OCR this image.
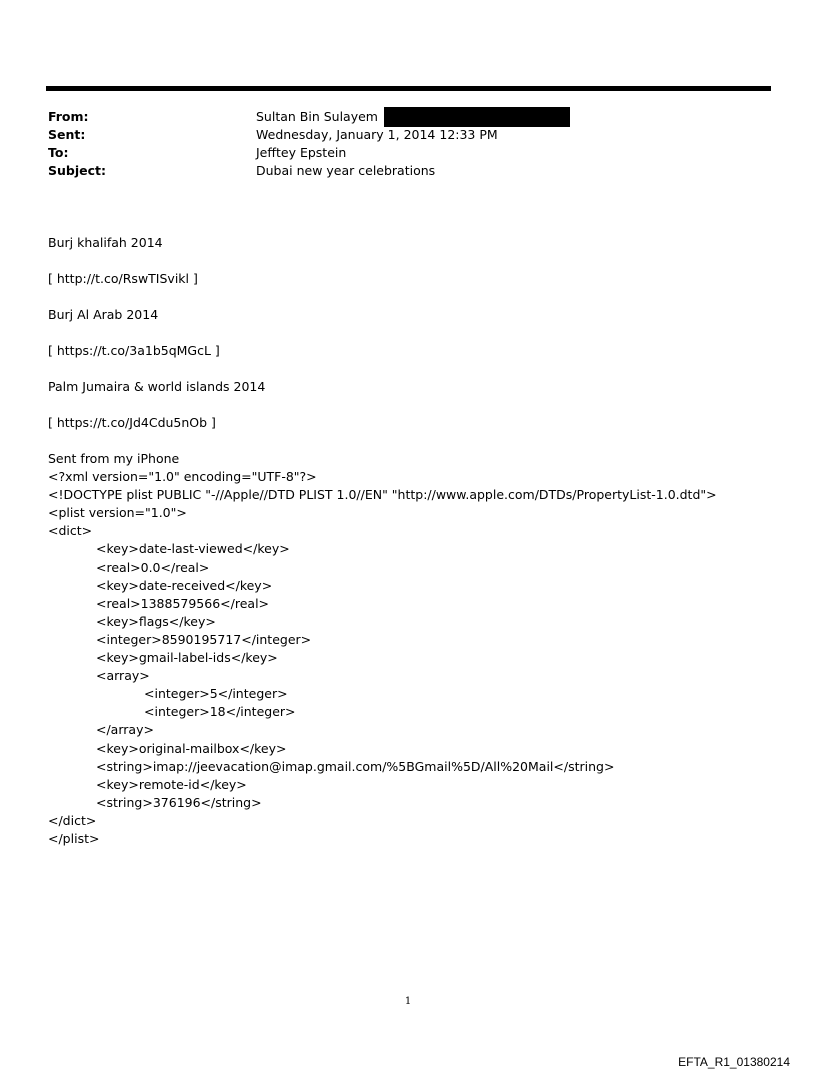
From:	Sultan Bin Sulayem
Sent:	Wednesday, January 1, 2014 12:33 PM
To:	Jefftey Epstein
Subject:	Dubai new year celebrations
Burj khalifah 2014
[ http://t.co/RswTISvikl ]
Burj Al Arab 2014
[ https://t.co/3a1b5qMGcL ]
Palm Jumaira & world islands 2014
[ https://t.co/Jd4Cdu5nOb ]
Sent from my iPhone
<?xml version="1.0" encoding="UTF-8"?>
<!DOCTYPE plist PUBLIC "-//Apple//DTD PLIST 1.0//EN" "http://www.apple.com/DTDs/PropertyList-1.0.dtd">
<plist version="1.0">
<dict>
<key>date-last-viewed</key>
<real>0.0</real>
<key>date-received</key>
<real>1388579566</real>
<key>flags</key>
<integer>8590195717</integer>
<key>gmail-label-ids</key>
<array>
<integer>5</integer>
<integer>18</integer>
</array>
<key>original-mailbox</key>
<string>imap://jeevacation@imap.gmail.com/%5BGmail%5D/All%20Mail</string>
<key>remote-id</key>
<string>376196</string>
</dict>
</plist>
1
EFTA_R1_01380214
